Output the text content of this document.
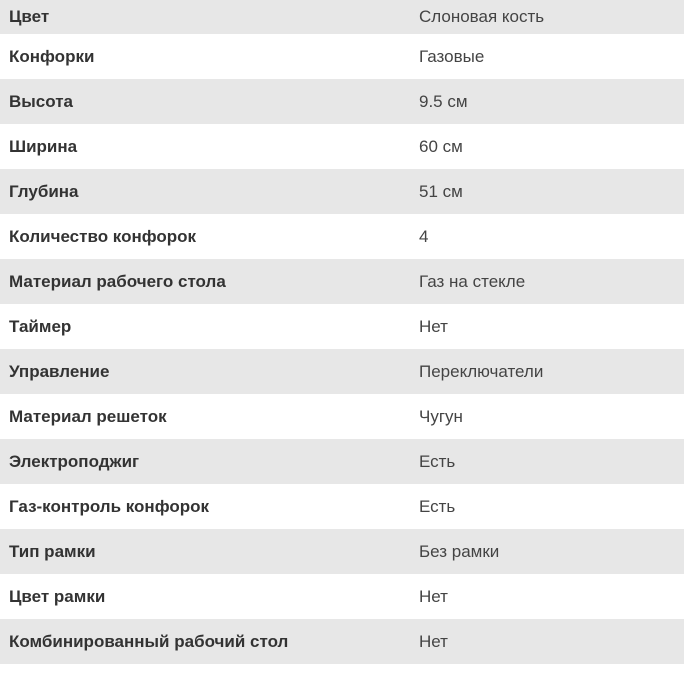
Цвет	Слоновая кость
Конфорки	Газовые
Высота	9.5 см
Ширина	60 см
Глубина	51 см
Количество конфорок	4
Материал рабочего стола	Газ на стекле
Таймер	Нет
Управление	Переключатели
Материал решеток	Чугун
Электроподжиг	Есть
Газ-контроль конфорок	Есть
Тип рамки	Без рамки
Цвет рамки	Нет
Комбинированный рабочий стол	Нет
